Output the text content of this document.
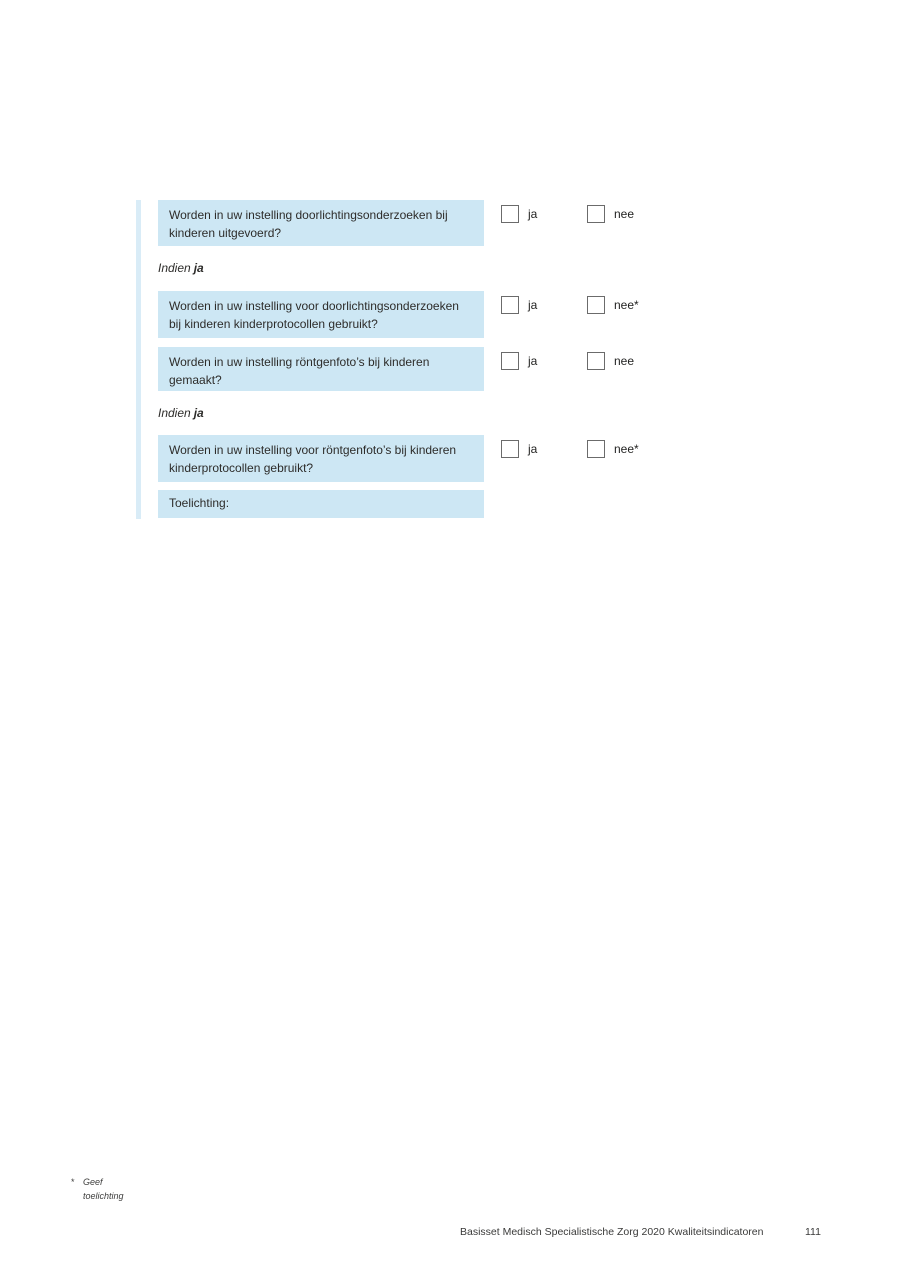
Worden in uw instelling doorlichtingsonderzoeken bij kinderen uitgevoerd?
ja	nee
Indien ja
Worden in uw instelling voor doorlichtingsonderzoeken bij kinderen kinderprotocollen gebruikt?
ja	nee*
Worden in uw instelling röntgenfoto’s bij kinderen gemaakt?
ja	nee
Indien ja
Worden in uw instelling voor röntgenfoto’s bij kinderen kinderprotocollen gebruikt?
ja	nee*
Toelichting:
* Geef
toelichting
Basisset Medisch Specialistische Zorg 2020 Kwaliteitsindicatoren	111
